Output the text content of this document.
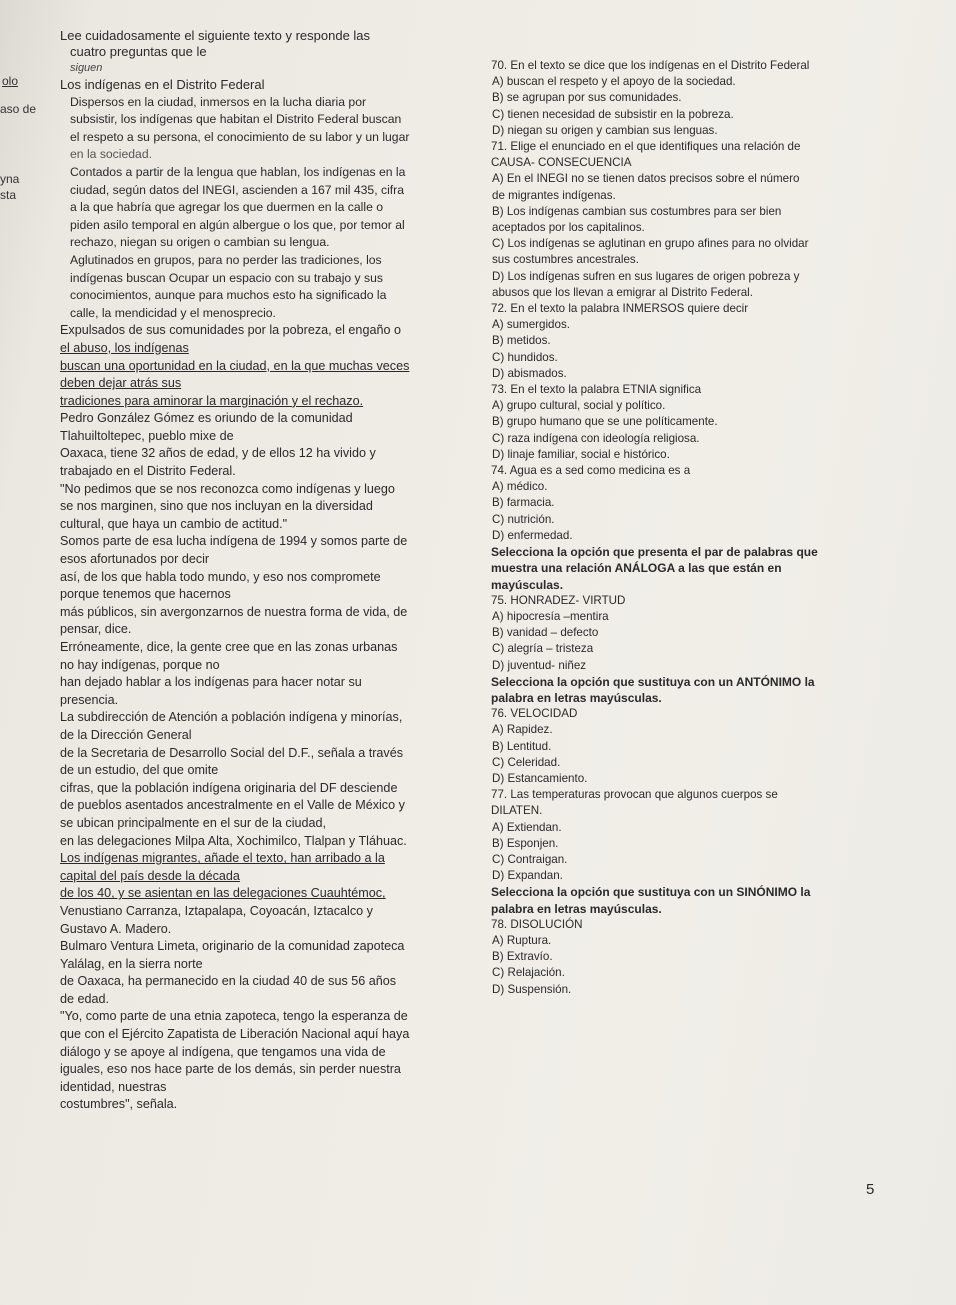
olo
aso de
yna
sta
Lee cuidadosamente el siguiente texto y responde las
cuatro preguntas que le
siguen

Los indígenas en el Distrito Federal

Dispersos en la ciudad, inmersos en la lucha diaria por
subsistir, los indígenas que habitan el Distrito Federal buscan
el respeto a su persona, el conocimiento de su labor y un lugar
en la sociedad.
Contados a partir de la lengua que hablan, los indígenas en la
ciudad, según datos del INEGI, ascienden a 167 mil 435, cifra
a la que habría que agregar los que duermen en la calle o
piden asilo temporal en algún albergue o los que, por temor al
rechazo, niegan su origen o cambian su lengua.
Aglutinados en grupos, para no perder las tradiciones, los
indígenas buscan Ocupar un espacio con su trabajo y sus
conocimientos, aunque para muchos esto ha significado la
calle, la mendicidad y el menosprecio.
Expulsados de sus comunidades por la pobreza, el engaño o
el abuso, los indígenas
buscan una oportunidad en la ciudad, en la que muchas veces
deben dejar atrás sus
tradiciones para aminorar la marginación y el rechazo.
Pedro González Gómez es oriundo de la comunidad
Tlahuiltoltepec, pueblo mixe de
Oaxaca, tiene 32 años de edad, y de ellos 12 ha vivido y
trabajado en el Distrito Federal.
"No pedimos que se nos reconozca como indígenas y luego
se nos marginen, sino que nos incluyan en la diversidad
cultural, que haya un cambio de actitud."
Somos parte de esa lucha indígena de 1994 y somos parte de
esos afortunados por decir
así, de los que habla todo mundo, y eso nos compromete
porque tenemos que hacernos
más públicos, sin avergonzarnos de nuestra forma de vida, de
pensar, dice.
Erróneamente, dice, la gente cree que en las zonas urbanas
no hay indígenas, porque no
han dejado hablar a los indígenas para hacer notar su
presencia.
La subdirección de Atención a población indígena y minorías,
de la Dirección General
de la Secretaria de Desarrollo Social del D.F., señala a través
de un estudio, del que omite
cifras, que la población indígena originaria del DF desciende
de pueblos asentados ancestralmente en el Valle de México y
se ubican principalmente en el sur de la ciudad,
en las delegaciones Milpa Alta, Xochimilco, Tlalpan y Tláhuac.
Los indígenas migrantes, añade el texto, han arribado a la
capital del país desde la década
de los 40, y se asientan en las delegaciones Cuauhtémoc,
Venustiano Carranza, Iztapalapa, Coyoacán, Iztacalco y
Gustavo A. Madero.
Bulmaro Ventura Limeta, originario de la comunidad zapoteca
Yalálag, en la sierra norte
de Oaxaca, ha permanecido en la ciudad 40 de sus 56 años
de edad.
"Yo, como parte de una etnia zapoteca, tengo la esperanza de
que con el Ejército Zapatista de Liberación Nacional aquí haya
diálogo y se apoye al indígena, que tengamos una vida de
iguales, eso nos hace parte de los demás, sin perder nuestra
identidad, nuestras
costumbres", señala.
70. En el texto se dice que los indígenas en el Distrito Federal
A) buscan el respeto y el apoyo de la sociedad.
B) se agrupan por sus comunidades.
C) tienen necesidad de subsistir en la pobreza.
D) niegan su origen y cambian sus lenguas.
71. Elige el enunciado en el que identifiques una relación de
CAUSA- CONSECUENCIA
A) En el INEGI no se tienen datos precisos sobre el número
de migrantes indígenas.
B) Los indígenas cambian sus costumbres para ser bien
aceptados por los capitalinos.
C) Los indígenas se aglutinan en grupo afines para no olvidar
sus costumbres ancestrales.
D) Los indígenas sufren en sus lugares de origen pobreza y
abusos que los llevan a emigrar al Distrito Federal.
72. En el texto la palabra INMERSOS quiere decir
A) sumergidos.
B) metidos.
C) hundidos.
D) abismados.
73. En el texto la palabra ETNIA significa
A) grupo cultural, social y político.
B) grupo humano que se une políticamente.
C) raza indígena con ideología religiosa.
D) linaje familiar, social e histórico.
74. Agua es a sed como medicina es a
A) médico.
B) farmacia.
C) nutrición.
D) enfermedad.
Selecciona la opción que presenta el par de palabras que
muestra una relación ANÁLOGA a las que están en
mayúsculas.
75. HONRADEZ- VIRTUD
A) hipocresía –mentira
B) vanidad – defecto
C) alegría – tristeza
D) juventud- niñez
Selecciona la opción que sustituya con un ANTÓNIMO la
palabra en letras mayúsculas.
76. VELOCIDAD
A) Rapidez.
B) Lentitud.
C) Celeridad.
D) Estancamiento.
77. Las temperaturas provocan que algunos cuerpos se
DILATEN.
A) Extiendan.
B) Esponjen.
C) Contraigan.
D) Expandan.
Selecciona la opción que sustituya con un SINÓNIMO la
palabra en letras mayúsculas.
78. DISOLUCIÓN
A) Ruptura.
B) Extravío.
C) Relajación.
D) Suspensión.
5
